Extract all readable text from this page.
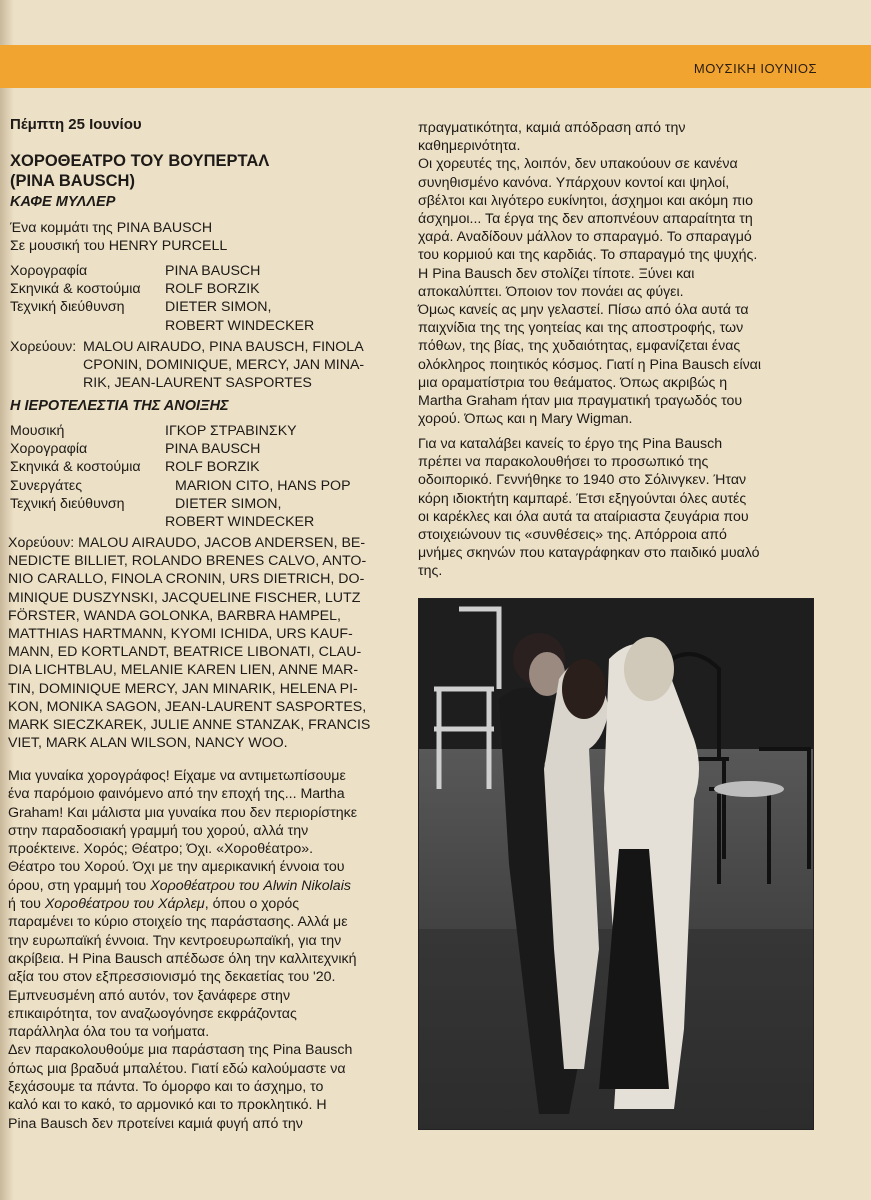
ΜΟΥΣΙΚΗ ΙΟΥΝΙΟΣ
Πέμπτη 25 Ιουνίου
ΧΟΡΟΘΕΑΤΡΟ ΤΟΥ ΒΟΥΠΕΡΤΑΛ
(PINA BAUSCH)
ΚΑΦΕ ΜΥΛΛΕΡ
Ένα κομμάτι της PINA BAUSCH
Σε μουσική του HENRY PURCELL
Χορογραφία	PINA BAUSCH
Σκηνικά & κοστούμια	ROLF BORZIK
Τεχνική διεύθυνση	DIETER SIMON,
ROBERT WINDECKER
Χορεύουν: MALOU AIRAUDO, PINA BAUSCH, FINOLA
CPONIN, DOMINIQUE, MERCY, JAN MINA-
RIK, JEAN-LAURENT SASPORTES
Η ΙΕΡΟΤΕΛΕΣΤΙΑ ΤΗΣ ΑΝΟΙΞΗΣ
Μουσική	ΙΓΚΟΡ ΣΤΡΑΒΙΝΣΚΥ
Χορογραφία	PINA BAUSCH
Σκηνικά & κοστούμια	ROLF BORZIK
Συνεργάτες	MARION CITO, HANS POP
Τεχνική διεύθυνση	DIETER SIMON,
ROBERT WINDECKER
Χορεύουν: MALOU AIRAUDO, JACOB ANDERSEN, BE-
NEDICTE BILLIET, ROLANDO BRENES CALVO, ANTO-
NIO CARALLO, FINOLA CRONIN, URS DIETRICH, DO-
MINIQUE DUSZYNSKI, JACQUELINE FISCHER, LUTZ
FÖRSTER, WANDA GOLONKA, BARBRA HAMPEL,
MATTHIAS HARTMANN, KYOMI ICHIDA, URS KAUF-
MANN, ED KORTLANDT, BEATRICE LIBONATI, CLAU-
DIA LICHTBLAU, MELANIE KAREN LIEN, ANNE MAR-
TIN, DOMINIQUE MERCY, JAN MINARIK, HELENA PI-
KON, MONIKA SAGON, JEAN-LAURENT SASPORTES,
MARK SIECZKAREK, JULIE ANNE STANZAK, FRANCIS
VIET, MARK ALAN WILSON, NANCY WOO.
Μια γυναίκα χορογράφος! Είχαμε να αντιμετωπίσουμε
ένα παρόμοιο φαινόμενο από την εποχή της... Martha
Graham! Και μάλιστα μια γυναίκα που δεν περιορίστηκε
στην παραδοσιακή γραμμή του χορού, αλλά την
προέκτεινε. Χορός; Θέατρο; Όχι. «Χοροθέατρο».
Θέατρο του Χορού. Όχι με την αμερικανική έννοια του
όρου, στη γραμμή του Χοροθέατρου του Alwin Nikolais
ή του Χοροθέατρου του Χάρλεμ, όπου ο χορός
παραμένει το κύριο στοιχείο της παράστασης. Αλλά με
την ευρωπαϊκή έννοια. Την κεντροευρωπαϊκή, για την
ακρίβεια. Η Pina Bausch απέδωσε όλη την καλλιτεχνική
αξία του στον εξπρεσσιονισμό της δεκαετίας του '20.
Εμπνευσμένη από αυτόν, τον ξανάφερε στην
επικαιρότητα, τον αναζωογόνησε εκφράζοντας
παράλληλα όλα του τα νοήματα.
Δεν παρακολουθούμε μια παράσταση της Pina Bausch
όπως μια βραδυά μπαλέτου. Γιατί εδώ καλούμαστε να
ξεχάσουμε τα πάντα. Το όμορφο και το άσχημο, το
καλό και το κακό, το αρμονικό και το προκλητικό. Η
Pina Bausch δεν προτείνει καμιά φυγή από την
πραγματικότητα, καμιά απόδραση από την
καθημερινότητα.
Οι χορευτές της, λοιπόν, δεν υπακούουν σε κανένα
συνηθισμένο κανόνα. Υπάρχουν κοντοί και ψηλοί,
σβέλτοι και λιγότερο ευκίνητοι, άσχημοι και ακόμη πιο
άσχημοι... Τα έργα της δεν αποπνέουν απαραίτητα τη
χαρά. Αναδίδουν μάλλον το σπαραγμό. Το σπαραγμό
του κορμιού και της καρδιάς. Το σπαραγμό της ψυχής.
Η Pina Bausch δεν στολίζει τίποτε. Ξύνει και
αποκαλύπτει. Όποιον τον πονάει ας φύγει.
Όμως κανείς ας μην γελαστεί. Πίσω από όλα αυτά τα
παιχνίδια της της γοητείας και της αποστροφής, των
πόθων, της βίας, της χυδαιότητας, εμφανίζεται ένας
ολόκληρος ποιητικός κόσμος. Γιατί η Pina Bausch είναι
μια οραματίστρια του θεάματος. Όπως ακριβώς η
Martha Graham ήταν μια πραγματική τραγωδός του
χορού. Όπως και η Mary Wigman.
Για να καταλάβει κανείς το έργο της Pina Bausch
πρέπει να παρακολουθήσει το προσωπικό της
οδοιπορικό. Γεννήθηκε το 1940 στο Σόλινγκεν. Ήταν
κόρη ιδιοκτήτη καμπαρέ. Έτσι εξηγούνται όλες αυτές
οι καρέκλες και όλα αυτά τα αταίριαστα ζευγάρια που
στοιχειώνουν τις «συνθέσεις» της. Απόρροια από
μνήμες σκηνών που καταγράφηκαν στο παιδικό μυαλό
της.
